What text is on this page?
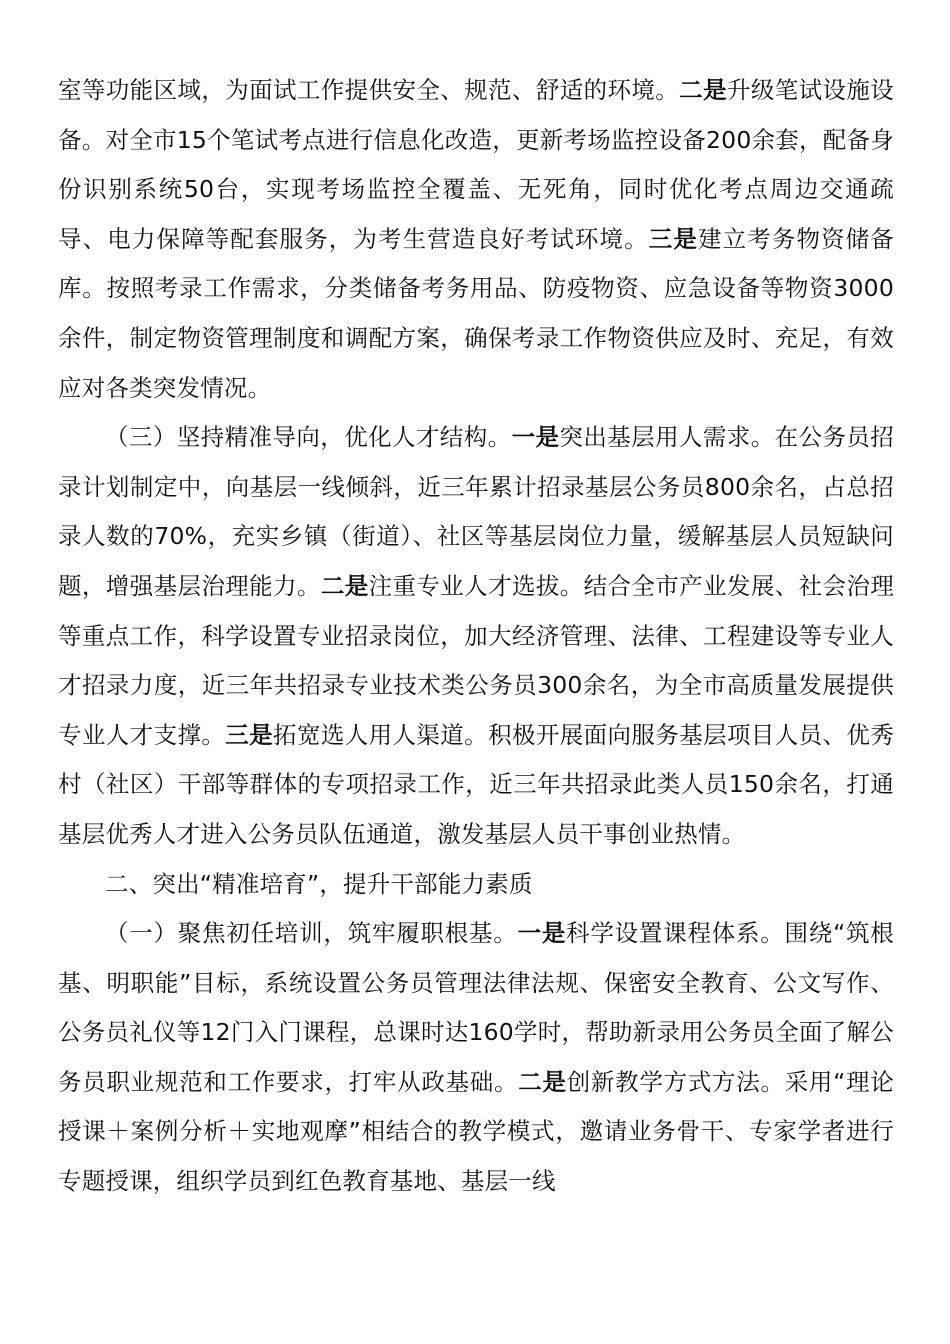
室等功能区域，为面试工作提供安全、规范、舒适的环境。二是升级笔试设施设备。对全市15个笔试考点进行信息化改造，更新考场监控设备200余套，配备身份识别系统50台，实现考场监控全覆盖、无死角，同时优化考点周边交通疏导、电力保障等配套服务，为考生营造良好考试环境。三是建立考务物资储备库。按照考录工作需求，分类储备考务用品、防疫物资、应急设备等物资3000余件，制定物资管理制度和调配方案，确保考录工作物资供应及时、充足，有效应对各类突发情况。

（三）坚持精准导向，优化人才结构。一是突出基层用人需求。在公务员招录计划制定中，向基层一线倾斜，近三年累计招录基层公务员800余名，占总招录人数的70%，充实乡镇（街道）、社区等基层岗位力量，缓解基层人员短缺问题，增强基层治理能力。二是注重专业人才选拔。结合全市产业发展、社会治理等重点工作，科学设置专业招录岗位，加大经济管理、法律、工程建设等专业人才招录力度，近三年共招录专业技术类公务员300余名，为全市高质量发展提供专业人才支撑。三是拓宽选人用人渠道。积极开展面向服务基层项目人员、优秀村（社区）干部等群体的专项招录工作，近三年共招录此类人员150余名，打通基层优秀人才进入公务员队伍通道，激发基层人员干事创业热情。

二、突出“精准培育”，提升干部能力素质

（一）聚焦初任培训，筑牢履职根基。一是科学设置课程体系。围绕“筑根基、明职能”目标，系统设置公务员管理法律法规、保密安全教育、公文写作、公务员礼仪等12门入门课程，总课时达160学时，帮助新录用公务员全面了解公务员职业规范和工作要求，打牢从政基础。二是创新教学方式方法。采用“理论授课＋案例分析＋实地观摩”相结合的教学模式，邀请业务骨干、专家学者进行专题授课，组织学员到红色教育基地、基层一线
